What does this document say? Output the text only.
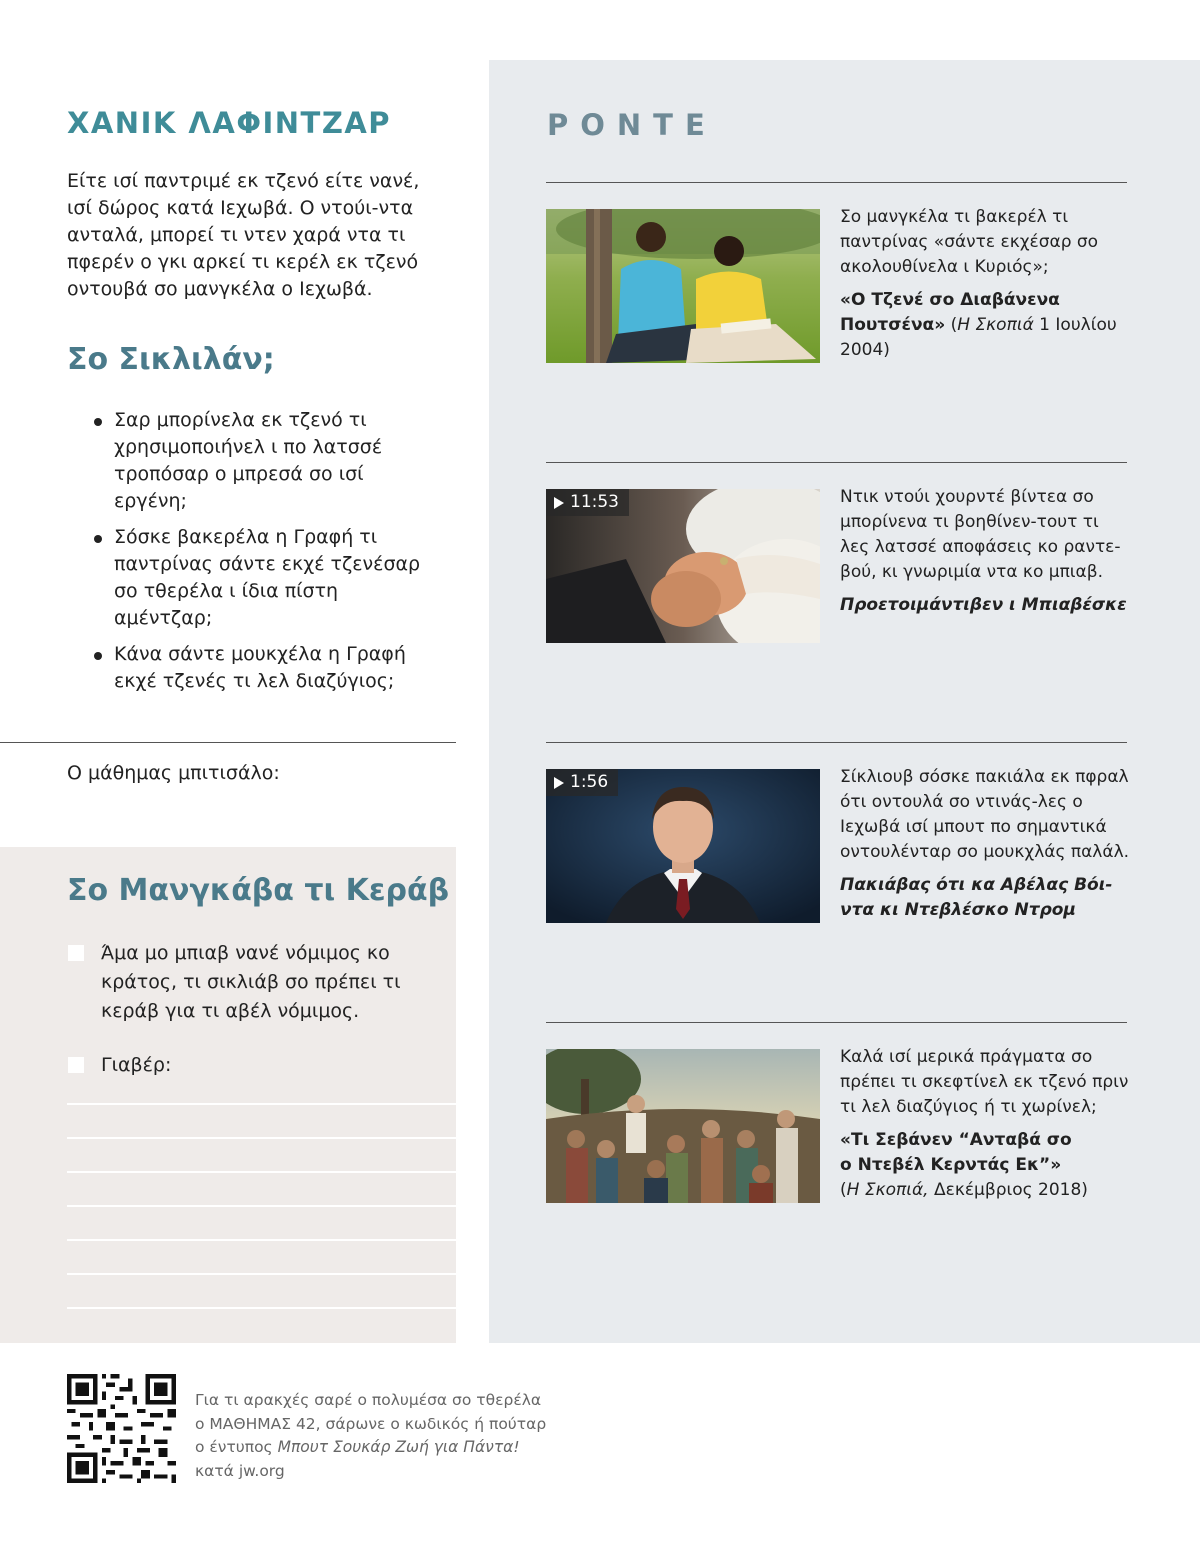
ΧΑΝΙΚ ΛΑΦΙΝΤΖΑΡ

Είτε ισί παντριμέ εκ τζενό είτε νανέ, ισί δώρος κατά Ιεχωβά. Ο ντούι-ντα ανταλά, μπορεί τι ντεν χαρά ντα τι πφερέν ο γκι αρκεί τι κερέλ εκ τζενό οντουβά σο μανγκέλα ο Ιεχωβά.

Σο Σικλιλάν;
Σαρ μπορίνελα εκ τζενό τι χρησιμοποιήνελ ι πο λατσσέ τροπόσαρ ο μπρεσά σο ισί εργένη;
Σόσκε βακερέλα η Γραφή τι παντρίνας σάντε εκχέ τζενέσαρ σο τθερέλα ι ίδια πίστη αμέντζαρ;
Κάνα σάντε μουκχέλα η Γραφή εκχέ τζενές τι λελ διαζύγιος;
Ο μάθημας μπιτισάλο:
Σο Μανγκάβα τι Κεράβ
Άμα μο μπιαβ νανέ νόμιμος κο κράτος, τι σικλιάβ σο πρέπει τι κεράβ για τι αβέλ νόμιμος.
Γιαβέρ:
ΡΟΝΤΕ

Σο μανγκέλα τι βακερέλ τι παντρίνας «σάντε εκχέσαρ σο ακολουθίνελα ι Κυριός»;

«Ο Τζενέ σο Διαβάνενα Πουτσένα» (Η Σκοπιά 1 Ιουλίου 2004)
11:53	Ντικ ντούι χουρντέ βίντεα σο μπορίνενα τι βοηθίνεν-τουτ τι λες λατσσέ αποφάσεις κο ραντεβού, κι γνωριμία ντα κο μπιαβ.

Προετοιμάντιβεν ι Μπιαβέσκε
1:56	Σίκλιουβ σόσκε πακιάλα εκ πφραλ ότι οντουλά σο ντινάς-λες ο Ιεχωβά ισί μπουτ πο σημαντικά οντουλένταρ σο μουκχλάς παλάλ.

Πακιάβας ότι κα Αβέλας Βόι-ντα κι Ντεβλέσκο Ντρομ

Καλά ισί μερικά πράγματα σο πρέπει τι σκεφτίνελ εκ τζενό πριν τι λελ διαζύγιος ή τι χωρίνελ;

«Τι Σεβάνεν “Ανταβά σο
ο Ντεβέλ Κερντάς Εκ”»
(Η Σκοπιά, Δεκέμβριος 2018)
Για τι αρακχές σαρέ ο πολυμέσα σο τθερέλα
ο ΜΑΘΗΜΑΣ 42, σάρωνε ο κωδικός ή πούταρ
ο έντυπος Μπουτ Σουκάρ Ζωή για Πάντα!
κατά jw.org
